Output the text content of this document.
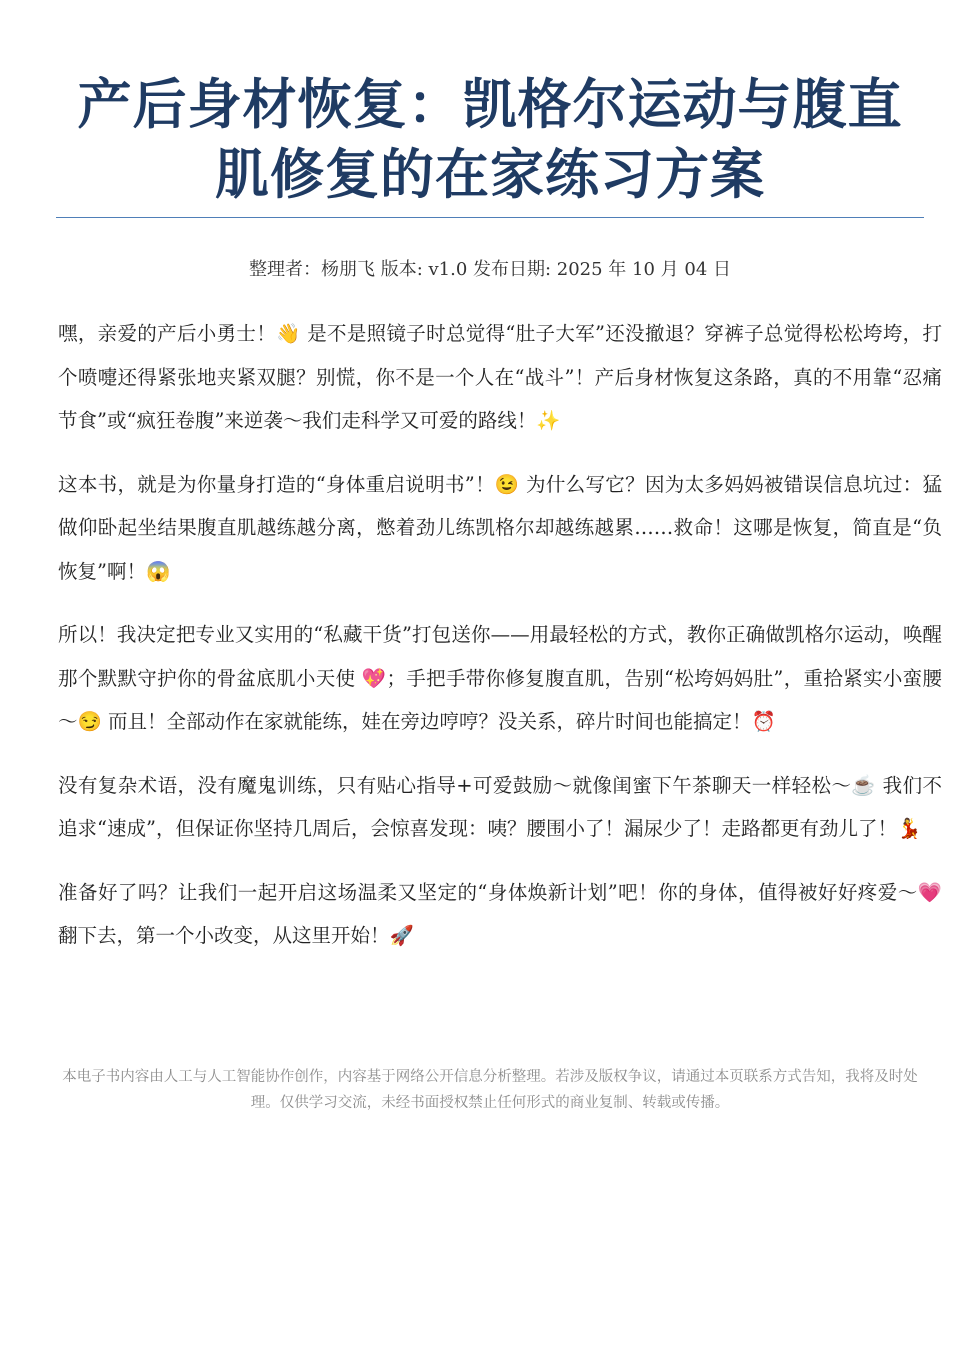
产后身材恢复：凯格尔运动与腹直肌修复的在家练习方案
整理者：杨朋飞 版本: v1.0 发布日期: 2025 年 10 月 04 日

嘿，亲爱的产后小勇士！👋 是不是照镜子时总觉得“肚子大军”还没撤退？穿裤子总觉得松松垮垮，打个喷嚏还得紧张地夹紧双腿？别慌，你不是一个人在“战斗”！产后身材恢复这条路，真的不用靠“忍痛节食”或“疯狂卷腹”来逆袭～我们走科学又可爱的路线！✨

这本书，就是为你量身打造的“身体重启说明书”！😉 为什么写它？因为太多妈妈被错误信息坑过：猛做仰卧起坐结果腹直肌越练越分离，憋着劲儿练凯格尔却越练越累……救命！这哪是恢复，简直是“负恢复”啊！😱

所以！我决定把专业又实用的“私藏干货”打包送你——用最轻松的方式，教你正确做凯格尔运动，唤醒那个默默守护你的骨盆底肌小天使 💖；手把手带你修复腹直肌，告别“松垮妈妈肚”，重拾紧实小蛮腰～😏 而且！全部动作在家就能练，娃在旁边哼哼？没关系，碎片时间也能搞定！⏰

没有复杂术语，没有魔鬼训练，只有贴心指导+可爱鼓励～就像闺蜜下午茶聊天一样轻松～☕ 我们不追求“速成”，但保证你坚持几周后，会惊喜发现：咦？腰围小了！漏尿少了！走路都更有劲儿了！💃

准备好了吗？让我们一起开启这场温柔又坚定的“身体焕新计划”吧！你的身体，值得被好好疼爱～💗 翻下去，第一个小改变，从这里开始！🚀

本电子书内容由人工与人工智能协作创作，内容基于网络公开信息分析整理。若涉及版权争议，请通过本页联系方式告知，我将及时处理。仅供学习交流，未经书面授权禁止任何形式的商业复制、转载或传播。
